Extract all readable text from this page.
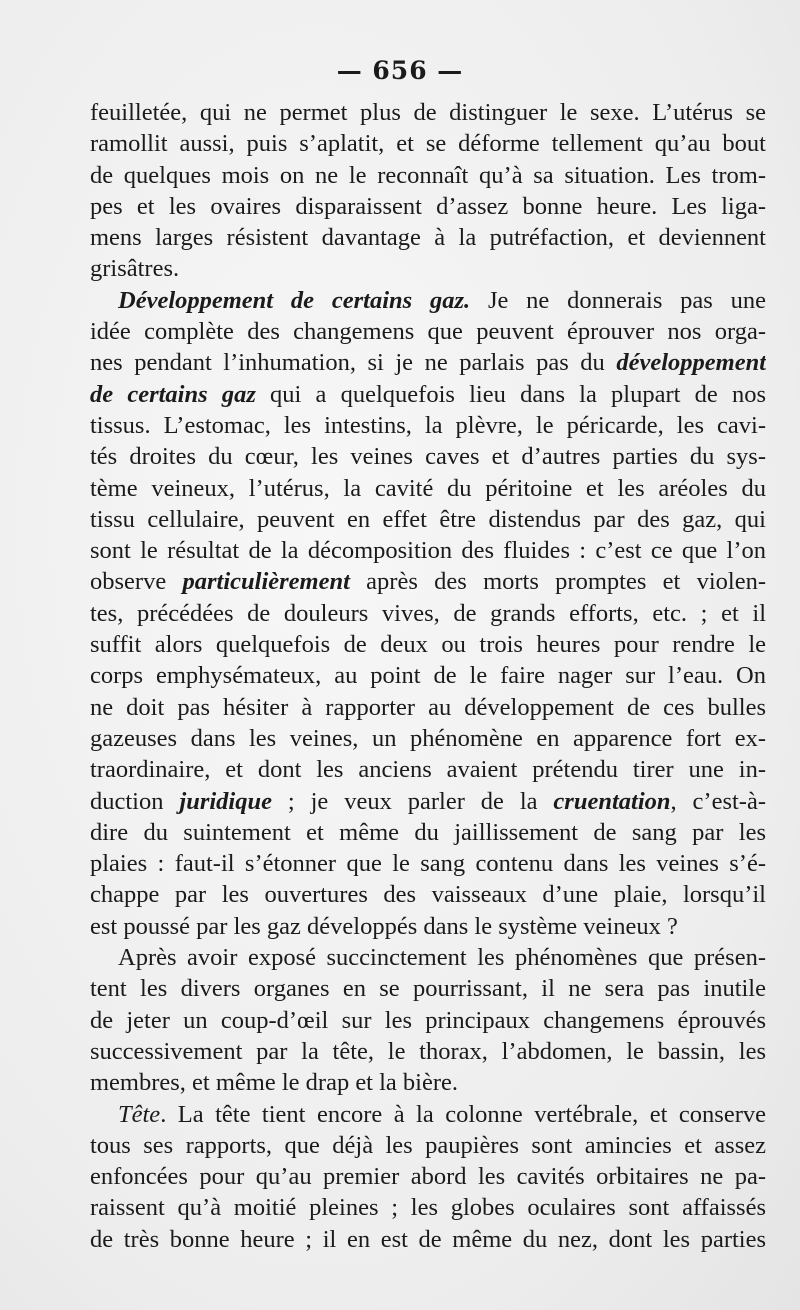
— 656 —
feuilletée, qui ne permet plus de distinguer le sexe. L’utérus se
ramollit aussi, puis s’aplatit, et se déforme tellement qu’au bout
de quelques mois on ne le reconnaît qu’à sa situation. Les trom-
pes et les ovaires disparaissent d’assez bonne heure. Les liga-
mens larges résistent davantage à la putréfaction, et deviennent
grisâtres.
Développement de certains gaz. Je ne donnerais pas une
idée complète des changemens que peuvent éprouver nos orga-
nes pendant l’inhumation, si je ne parlais pas du développement
de certains gaz qui a quelquefois lieu dans la plupart de nos
tissus. L’estomac, les intestins, la plèvre, le péricarde, les cavi-
tés droites du cœur, les veines caves et d’autres parties du sys-
tème veineux, l’utérus, la cavité du péritoine et les aréoles du
tissu cellulaire, peuvent en effet être distendus par des gaz, qui
sont le résultat de la décomposition des fluides : c’est ce que l’on
observe particulièrement après des morts promptes et violen-
tes, précédées de douleurs vives, de grands efforts, etc. ; et il
suffit alors quelquefois de deux ou trois heures pour rendre le
corps emphysémateux, au point de le faire nager sur l’eau. On
ne doit pas hésiter à rapporter au développement de ces bulles
gazeuses dans les veines, un phénomène en apparence fort ex-
traordinaire, et dont les anciens avaient prétendu tirer une in-
duction juridique ; je veux parler de la cruentation, c’est-à-
dire du suintement et même du jaillissement de sang par les
plaies : faut-il s’étonner que le sang contenu dans les veines s’é-
chappe par les ouvertures des vaisseaux d’une plaie, lorsqu’il
est poussé par les gaz développés dans le système veineux ?
Après avoir exposé succinctement les phénomènes que présen-
tent les divers organes en se pourrissant, il ne sera pas inutile
de jeter un coup-d’œil sur les principaux changemens éprouvés
successivement par la tête, le thorax, l’abdomen, le bassin, les
membres, et même le drap et la bière.
Tête. La tête tient encore à la colonne vertébrale, et conserve
tous ses rapports, que déjà les paupières sont amincies et assez
enfoncées pour qu’au premier abord les cavités orbitaires ne pa-
raissent qu’à moitié pleines ; les globes oculaires sont affaissés
de très bonne heure ; il en est de même du nez, dont les parties
